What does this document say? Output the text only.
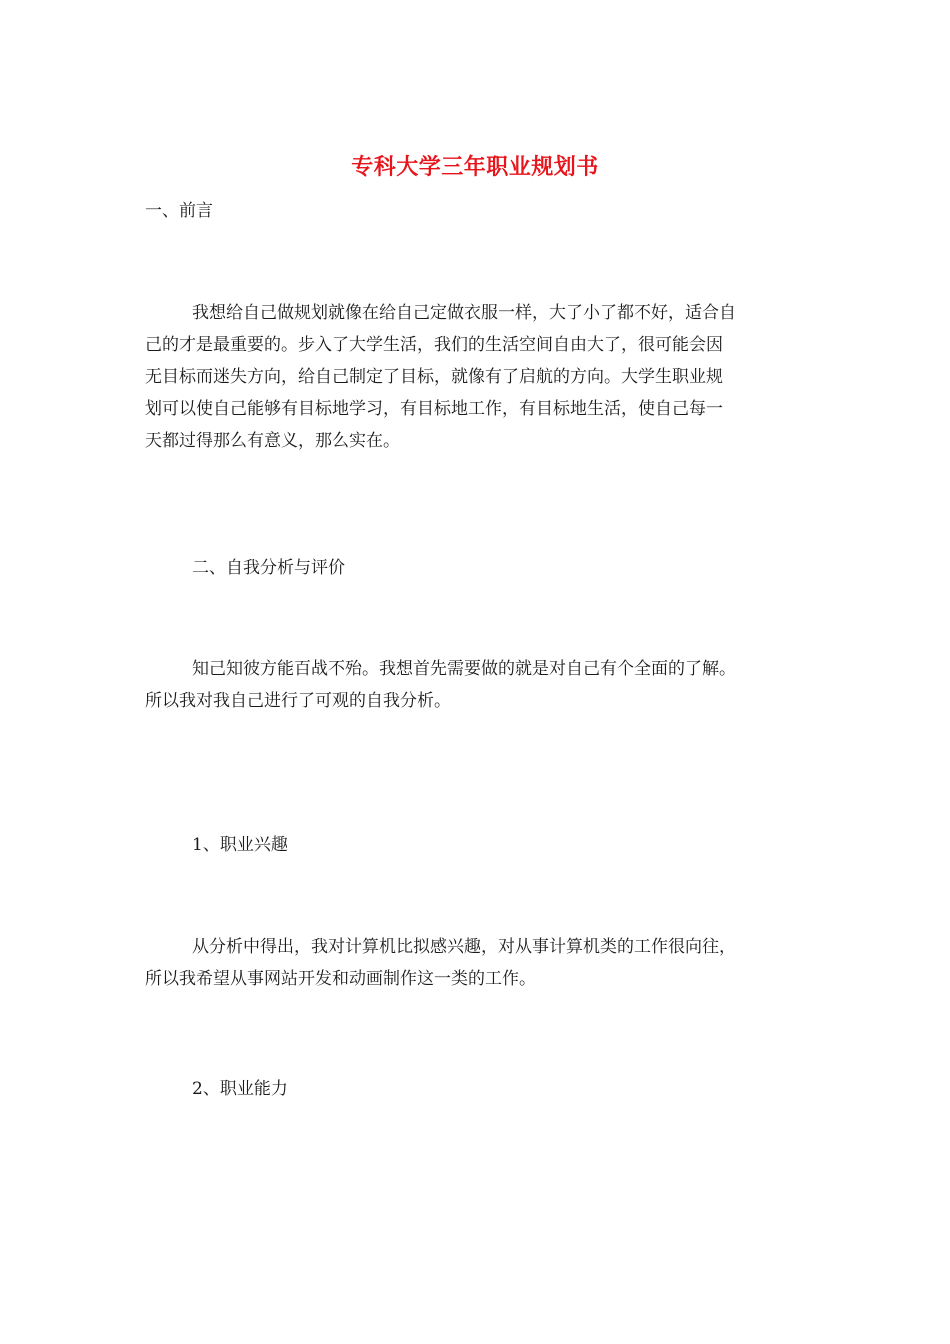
专科大学三年职业规划书
一、前言
我想给自己做规划就像在给自己定做衣服一样，大了小了都不好，适合自
己的才是最重要的。步入了大学生活，我们的生活空间自由大了，很可能会因
无目标而迷失方向，给自己制定了目标，就像有了启航的方向。大学生职业规
划可以使自己能够有目标地学习，有目标地工作，有目标地生活，使自己每一
天都过得那么有意义，那么实在。
二、自我分析与评价
知己知彼方能百战不殆。我想首先需要做的就是对自己有个全面的了解。
所以我对我自己进行了可观的自我分析。
1、职业兴趣
从分析中得出，我对计算机比拟感兴趣，对从事计算机类的工作很向往，
所以我希望从事网站开发和动画制作这一类的工作。
2、职业能力
